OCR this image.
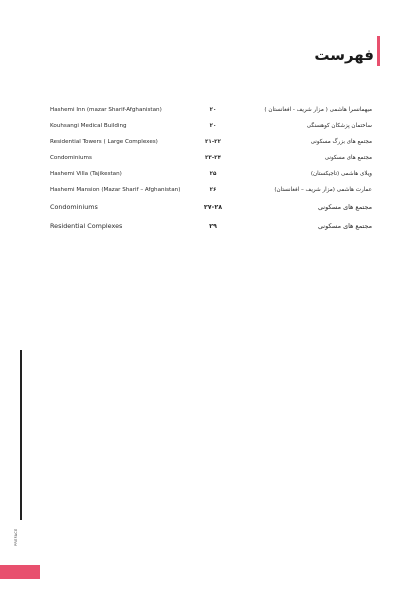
فهرست
Hashemi Inn (mazar Sharif-Afghanistan)	۲۰	میهمانسرا هاشمی ( مزار شریف - افغانستان )
Kouhsangi Medical Building	۲۰	ساختمان پزشکان کوهسنگی
Residential Towers ( Large Complexes)	۲۱-۲۲	مجتمع های بزرگ مسکونی
Condominiums	۲۳-۲۴	مجتمع های مسکونی
Hashemi Villa (Tajikestan)	۲۵	ویلای هاشمی (تاجیکستان)
Hashemi Mansion (Mazar Sharif – Afghanistan)	۲۶	عمارت هاشمی (مزار شریف – افغانستان)
Condominiums	۲۷-۲۸	مجتمع های مسکونی
Residential Complexes	۲۹	مجتمع های مسکونی
PREFACE
